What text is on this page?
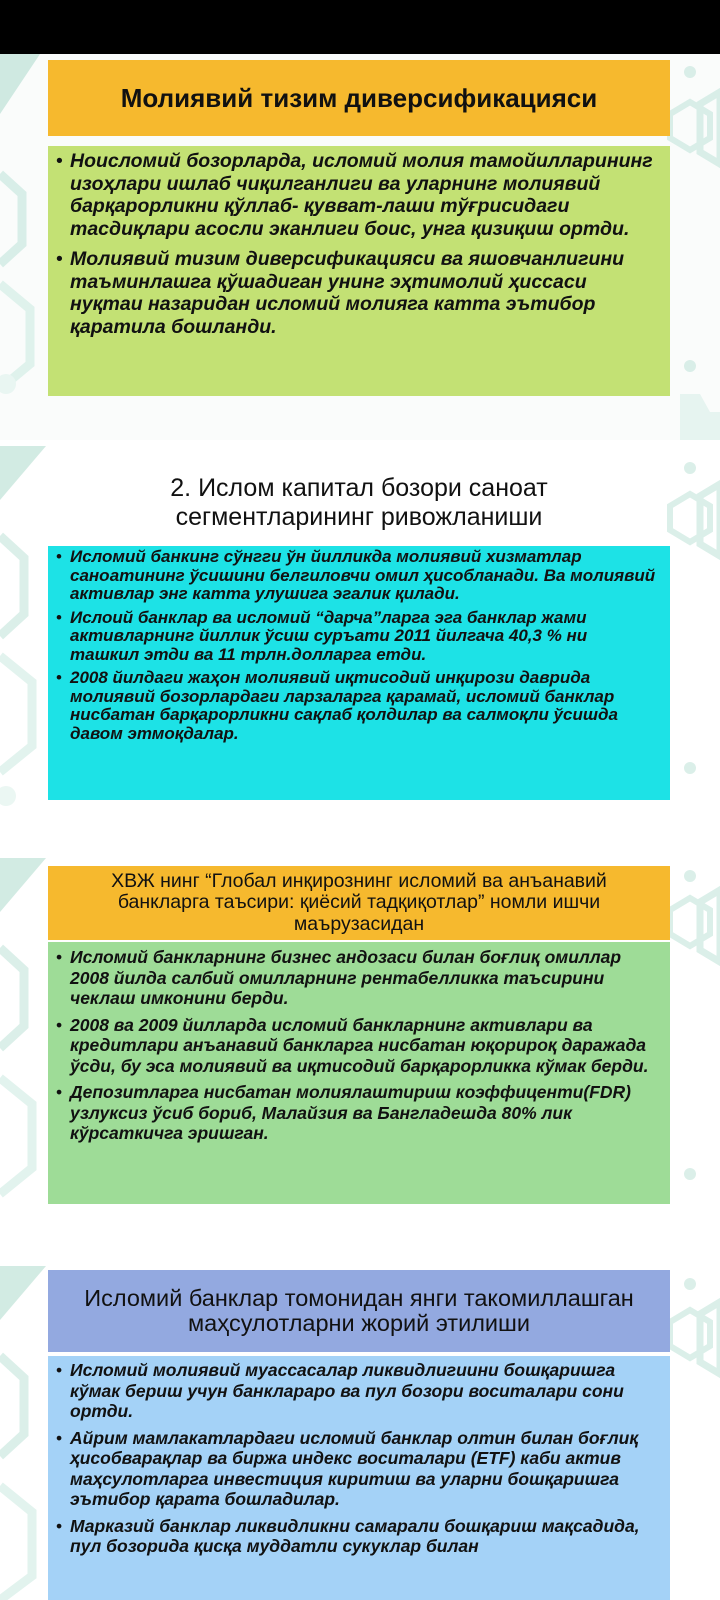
Молиявий тизим диверсификацияси
• Ноисломий бозорларда, исломий молия тамойилларининг изоҳлари ишлаб чиқилганлиги ва уларнинг молиявий барқарорликни қўллаб- қувват-лаши тўғрисидаги тасдиқлари асосли эканлиги боис, унга қизиқиш ортди.
• Молиявий тизим диверсификацияси ва яшовчанлигини таъминлашга қўшадиган унинг эҳтимолий ҳиссаси нуқтаи назаридан исломий молияга катта эътибор қаратила бошланди.
2. Ислом капитал бозори саноат сегментларининг ривожланиши
• Исломий банкинг сўнгги ўн йилликда молиявий хизматлар саноатининг ўсишини белгиловчи омил ҳисобланади. Ва молиявий активлар энг катта улушига эгалик қилади.
• Ислоий банклар ва исломий “дарча”ларга эга банклар жами активларнинг йиллик ўсиш суръати 2011 йилгача 40,3 % ни ташкил этди ва 11 трлн.долларга етди.
• 2008 йилдаги жаҳон молиявий иқтисодий инқирози даврида молиявий бозорлардаги ларзаларга қарамай, исломий банклар нисбатан барқарорликни сақлаб қолдилар ва салмоқли ўсишда давом этмоқдалар.
ХВЖ нинг “Глобал инқирознинг исломий ва анъанавий банкларга таъсири: қиёсий тадқиқотлар” номли ишчи маърузасидан
• Исломий банкларнинг бизнес андозаси билан боғлиқ омиллар 2008 йилда салбий омилларнинг рентабелликка таъсирини чеклаш имконини берди.
• 2008 ва 2009 йилларда исломий банкларнинг активлари ва кредитлари анъанавий банкларга нисбатан юқорироқ даражада ўсди, бу эса молиявий ва иқтисодий барқарорликка кўмак берди.
• Депозитларга нисбатан молиялаштириш коэффиценти(FDR) узлуксиз ўсиб бориб, Малайзия ва Бангладешда 80% лик кўрсаткичга эришган.
Исломий банклар томонидан янги такомиллашган маҳсулотларни жорий этилиши
• Исломий молиявий муассасалар ликвидлигиини бошқаришга кўмак бериш учун банклараро ва пул бозори воситалари сони ортди.
• Айрим мамлакатлардаги исломий банклар олтин билан боғлиқ ҳисобварақлар ва биржа индекс воситалари (ETF) каби актив маҳсулотларга инвестиция киритиш ва уларни бошқаришга эътибор қарата бошладилар.
• Марказий банклар ликвидликни самарали бошқариш мақсадида, пул бозорида қисқа муддатли сукуклар билан
